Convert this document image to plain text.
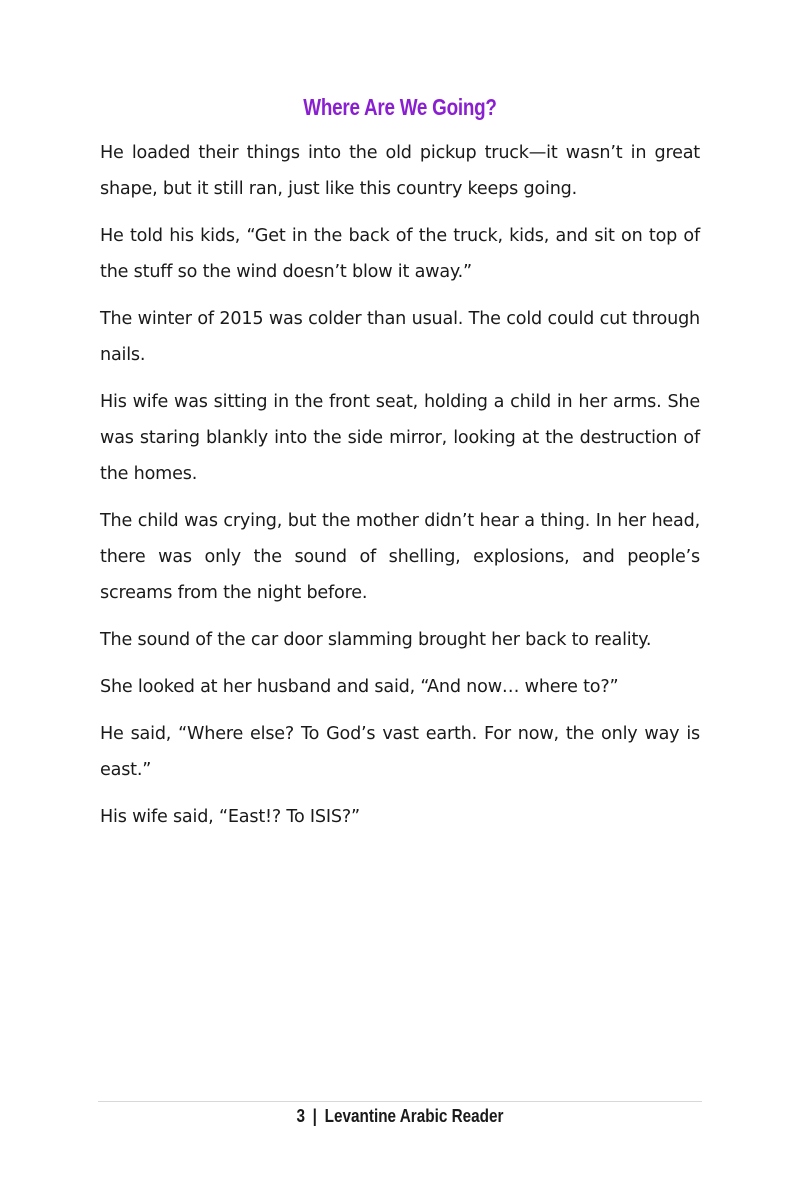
Where Are We Going?

He loaded their things into the old pickup truck—it wasn’t in great shape, but it still ran, just like this country keeps going.

He told his kids, “Get in the back of the truck, kids, and sit on top of the stuff so the wind doesn’t blow it away.”

The winter of 2015 was colder than usual. The cold could cut through nails.

His wife was sitting in the front seat, holding a child in her arms. She was staring blankly into the side mirror, looking at the destruction of the homes.

The child was crying, but the mother didn’t hear a thing. In her head, there was only the sound of shelling, explosions, and people’s screams from the night before.

The sound of the car door slamming brought her back to reality.

She looked at her husband and said, “And now… where to?”

He said, “Where else? To God’s vast earth. For now, the only way is east.”

His wife said, “East!? To ISIS?”

3 | Levantine Arabic Reader
